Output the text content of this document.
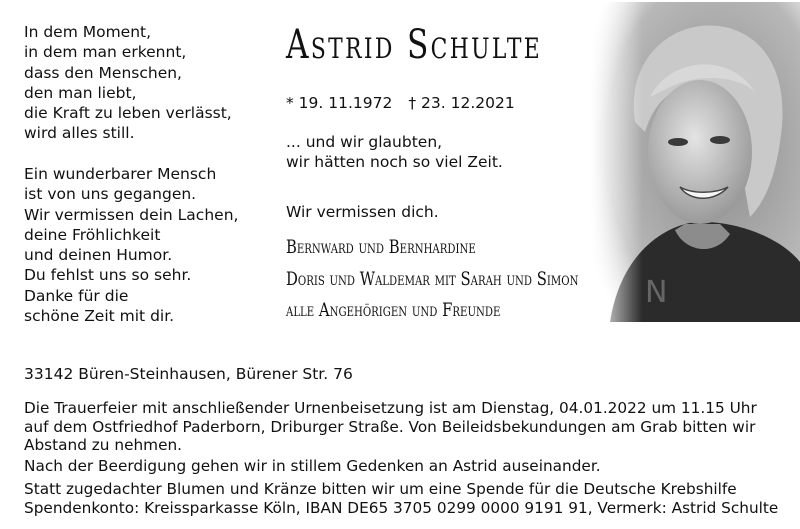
In dem Moment,
in dem man erkennt,
dass den Menschen,
den man liebt,
die Kraft zu leben verlässt,
wird alles still.
Ein wunderbarer Mensch
ist von uns gegangen.
Wir vermissen dein Lachen,
deine Fröhlichkeit
und deinen Humor.
Du fehlst uns so sehr.
Danke für die
schöne Zeit mit dir.
Astrid Schulte
* 19. 11.1972 † 23. 12.2021
... und wir glaubten,
wir hätten noch so viel Zeit.
Wir vermissen dich.
Bernward und Bernhardine
Doris und Waldemar mit Sarah und Simon
alle Angehörigen und Freunde
33142 Büren-Steinhausen, Bürener Str. 76
Die Trauerfeier mit anschließender Urnenbeisetzung ist am Dienstag, 04.01.2022 um 11.15 Uhr
auf dem Ostfriedhof Paderborn, Driburger Straße. Von Beileidsbekundungen am Grab bitten wir
Abstand zu nehmen.
Nach der Beerdigung gehen wir in stillem Gedenken an Astrid auseinander.
Statt zugedachter Blumen und Kränze bitten wir um eine Spende für die Deutsche Krebshilfe
Spendenkonto: Kreissparkasse Köln, IBAN DE65 3705 0299 0000 9191 91, Vermerk: Astrid Schulte
